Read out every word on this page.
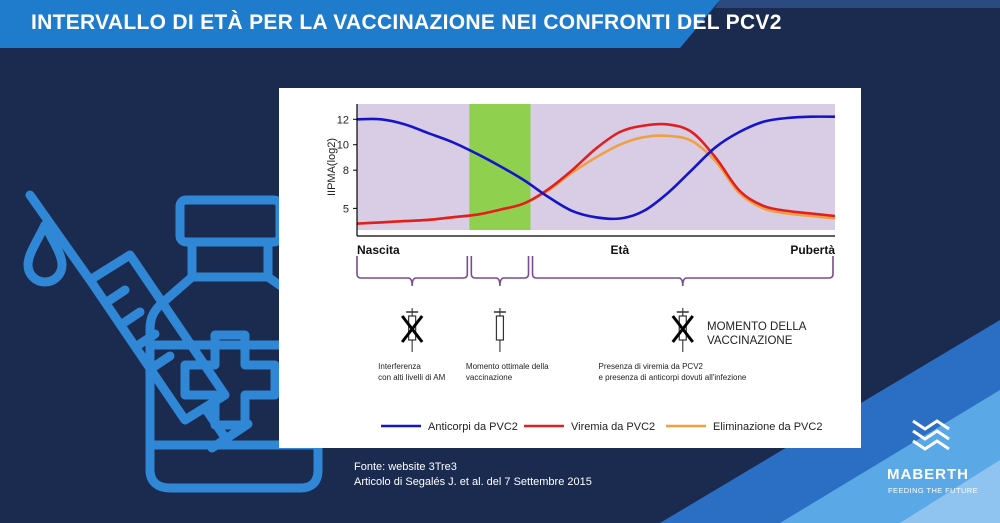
INTERVALLO DI ETÀ PER LA VACCINAZIONE NEI CONFRONTI DEL PCV2
5
8
10
12
IIPMA(log2)
Nascita	Età	Pubertà
Interferenza
con alti livelli di AM
Momento ottimale della
vaccinazione
Presenza di viremia da PCV2
e presenza di anticorpi dovuti all'infezione
MOMENTO DELLA
VACCINAZIONE
Anticorpi da PVC2	Viremia da PVC2	Eliminazione da PVC2
Fonte: website 3Tre3
Articolo di Segalés J. et al. del 7 Settembre 2015	MABERTH
FEEDING THE FUTURE
